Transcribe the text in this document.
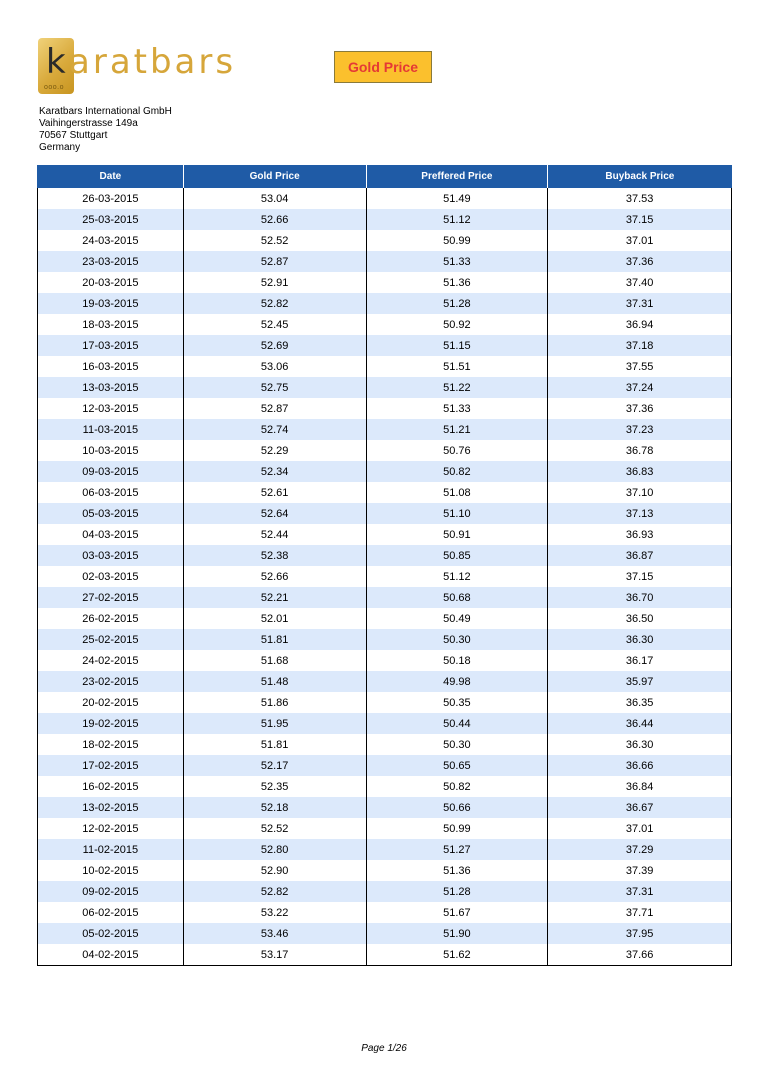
ooo.o
k aratbars	Gold Price
Karatbars International GmbH
Vaihingerstrasse 149a
70567 Stuttgart
Germany
Date	Gold Price	Preffered Price	Buyback Price
26-03-2015	53.04	51.49	37.53
25-03-2015	52.66	51.12	37.15
24-03-2015	52.52	50.99	37.01
23-03-2015	52.87	51.33	37.36
20-03-2015	52.91	51.36	37.40
19-03-2015	52.82	51.28	37.31
18-03-2015	52.45	50.92	36.94
17-03-2015	52.69	51.15	37.18
16-03-2015	53.06	51.51	37.55
13-03-2015	52.75	51.22	37.24
12-03-2015	52.87	51.33	37.36
11-03-2015	52.74	51.21	37.23
10-03-2015	52.29	50.76	36.78
09-03-2015	52.34	50.82	36.83
06-03-2015	52.61	51.08	37.10
05-03-2015	52.64	51.10	37.13
04-03-2015	52.44	50.91	36.93
03-03-2015	52.38	50.85	36.87
02-03-2015	52.66	51.12	37.15
27-02-2015	52.21	50.68	36.70
26-02-2015	52.01	50.49	36.50
25-02-2015	51.81	50.30	36.30
24-02-2015	51.68	50.18	36.17
23-02-2015	51.48	49.98	35.97
20-02-2015	51.86	50.35	36.35
19-02-2015	51.95	50.44	36.44
18-02-2015	51.81	50.30	36.30
17-02-2015	52.17	50.65	36.66
16-02-2015	52.35	50.82	36.84
13-02-2015	52.18	50.66	36.67
12-02-2015	52.52	50.99	37.01
11-02-2015	52.80	51.27	37.29
10-02-2015	52.90	51.36	37.39
09-02-2015	52.82	51.28	37.31
06-02-2015	53.22	51.67	37.71
05-02-2015	53.46	51.90	37.95
04-02-2015	53.17	51.62	37.66
Page 1/26
